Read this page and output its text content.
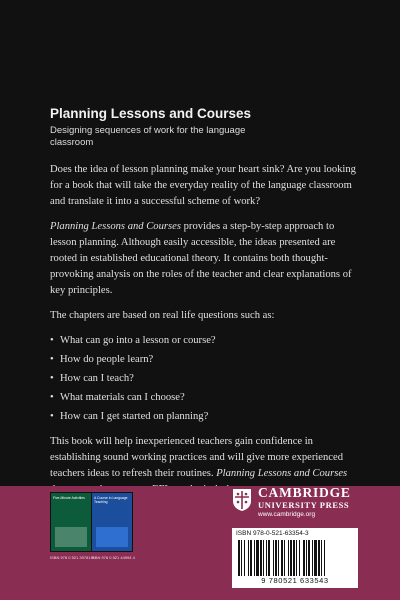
Planning Lessons and Courses
Designing sequences of work for the language classroom

Does the idea of lesson planning make your heart sink? Are you looking for a book that will take the everyday reality of the language classroom and translate it into a successful scheme of work?

Planning Lessons and Courses provides a step-by-step approach to lesson planning. Although easily accessible, the ideas presented are rooted in established educational theory. It contains both thought-provoking analysis on the roles of the teacher and clear explanations of key principles.

The chapters are based on real life questions such as:

• What can go into a lesson or course?
• How do people learn?
• How can I teach?
• What materials can I choose?
• How can I get started on planning?

This book will help inexperienced teachers gain confidence in establishing sound working practices and will give more experienced teachers ideas to refresh their routines. Planning Lessons and Courses

Five-Minute Activities
ISBN 978 0 521 39781 9
A Course in Language Teaching
ISBN 978 0 521 44994 4
CAMBRIDGE
UNIVERSITY PRESS
www.cambridge.org
ISBN 978-0-521-63354-3
9 780521 633543
